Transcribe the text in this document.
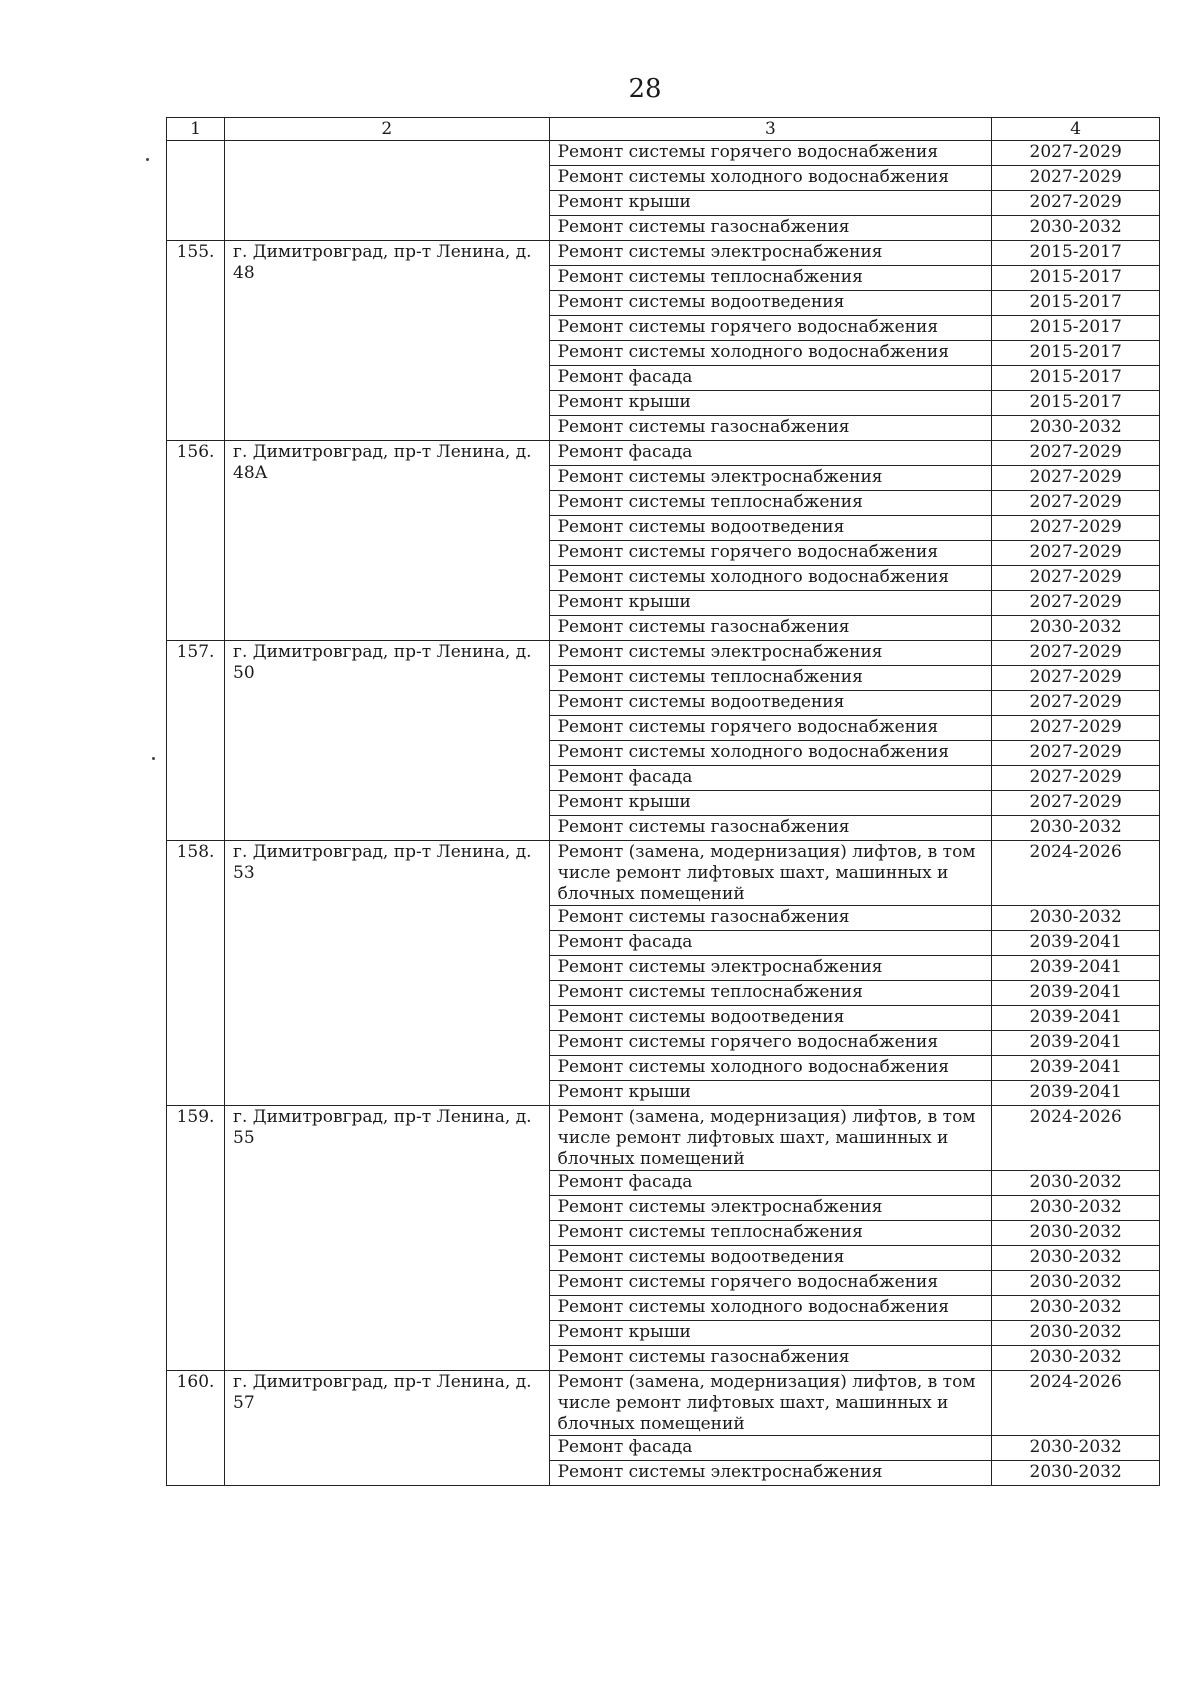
28
1	2	3	4
		Ремонт системы горячего водоснабжения	2027-2029
		Ремонт системы холодного водоснабжения	2027-2029
		Ремонт крыши	2027-2029
		Ремонт системы газоснабжения	2030-2032
155.	г. Димитровград, пр-т Ленина, д. 48	Ремонт системы электроснабжения	2015-2017
		Ремонт системы теплоснабжения	2015-2017
		Ремонт системы водоотведения	2015-2017
		Ремонт системы горячего водоснабжения	2015-2017
		Ремонт системы холодного водоснабжения	2015-2017
		Ремонт фасада	2015-2017
		Ремонт крыши	2015-2017
		Ремонт системы газоснабжения	2030-2032
156.	г. Димитровград, пр-т Ленина, д. 48А	Ремонт фасада	2027-2029
		Ремонт системы электроснабжения	2027-2029
		Ремонт системы теплоснабжения	2027-2029
		Ремонт системы водоотведения	2027-2029
		Ремонт системы горячего водоснабжения	2027-2029
		Ремонт системы холодного водоснабжения	2027-2029
		Ремонт крыши	2027-2029
		Ремонт системы газоснабжения	2030-2032
157.	г. Димитровград, пр-т Ленина, д. 50	Ремонт системы электроснабжения	2027-2029
		Ремонт системы теплоснабжения	2027-2029
		Ремонт системы водоотведения	2027-2029
		Ремонт системы горячего водоснабжения	2027-2029
		Ремонт системы холодного водоснабжения	2027-2029
		Ремонт фасада	2027-2029
		Ремонт крыши	2027-2029
		Ремонт системы газоснабжения	2030-2032
158.	г. Димитровград, пр-т Ленина, д. 53	Ремонт (замена, модернизация) лифтов, в том числе ремонт лифтовых шахт, машинных и блочных помещений	2024-2026
		Ремонт системы газоснабжения	2030-2032
		Ремонт фасада	2039-2041
		Ремонт системы электроснабжения	2039-2041
		Ремонт системы теплоснабжения	2039-2041
		Ремонт системы водоотведения	2039-2041
		Ремонт системы горячего водоснабжения	2039-2041
		Ремонт системы холодного водоснабжения	2039-2041
		Ремонт крыши	2039-2041
159.	г. Димитровград, пр-т Ленина, д. 55	Ремонт (замена, модернизация) лифтов, в том числе ремонт лифтовых шахт, машинных и блочных помещений	2024-2026
		Ремонт фасада	2030-2032
		Ремонт системы электроснабжения	2030-2032
		Ремонт системы теплоснабжения	2030-2032
		Ремонт системы водоотведения	2030-2032
		Ремонт системы горячего водоснабжения	2030-2032
		Ремонт системы холодного водоснабжения	2030-2032
		Ремонт крыши	2030-2032
		Ремонт системы газоснабжения	2030-2032
160.	г. Димитровград, пр-т Ленина, д. 57	Ремонт (замена, модернизация) лифтов, в том числе ремонт лифтовых шахт, машинных и блочных помещений	2024-2026
		Ремонт фасада	2030-2032
		Ремонт системы электроснабжения	2030-2032
